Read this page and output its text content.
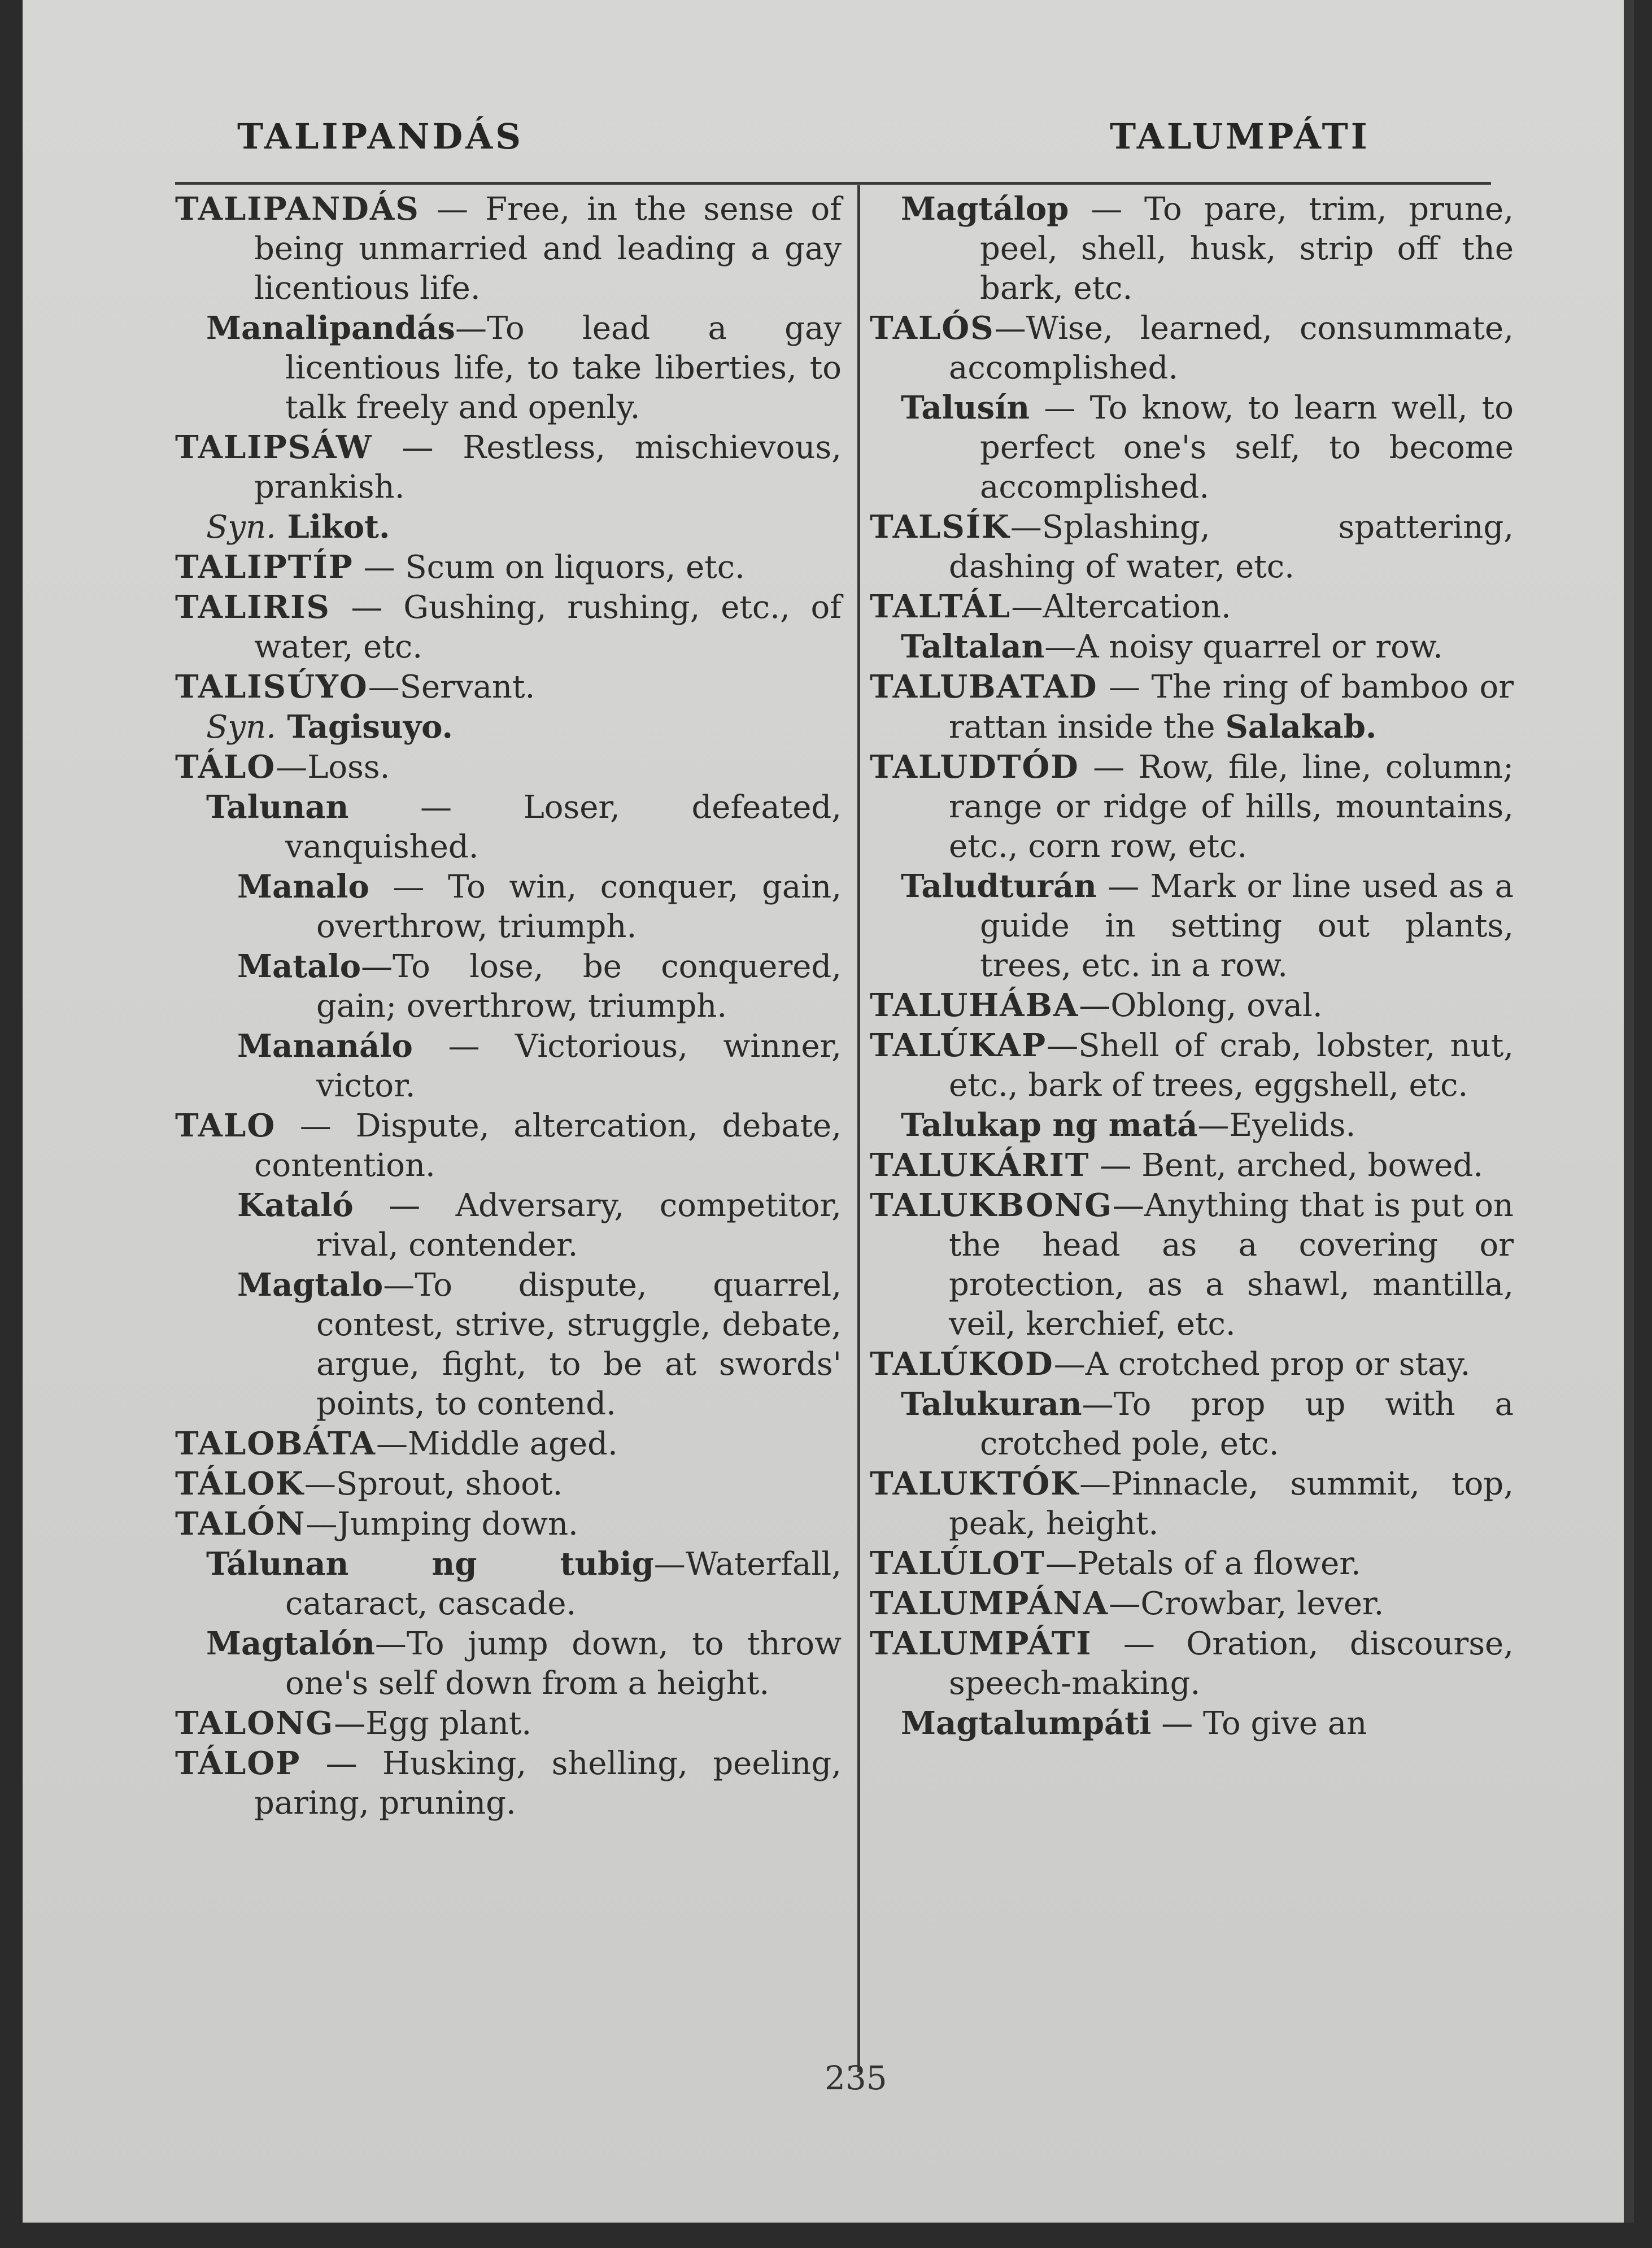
TALIPANDÁS	TALUMPÁTI
TALIPANDÁS — Free, in the sense of being unmarried and leading a gay licentious life.
Manalipandás—To lead a gay licentious life, to take liberties, to talk freely and openly.
TALIPSÁW — Restless, mischievous, prankish.
Syn. Likot.
TALIPTÍP — Scum on liquors, etc.
TALIRIS — Gushing, rushing, etc., of water, etc.
TALISÚYO—Servant.
Syn. Tagisuyo.
TÁLO—Loss.
Talunan — Loser, defeated, vanquished.
Manalo — To win, conquer, gain, overthrow, triumph.
Matalo—To lose, be conquered, gain; overthrow, triumph.
Mananálo — Victorious, winner, victor.
TALO — Dispute, altercation, debate, contention.
Kataló — Adversary, competitor, rival, contender.
Magtalo—To dispute, quarrel, contest, strive, struggle, debate, argue, fight, to be at swords' points, to contend.
TALOBÁTA—Middle aged.
TÁLOK—Sprout, shoot.
TALÓN—Jumping down.
Tálunan ng tubig—Waterfall, cataract, cascade.
Magtalón—To jump down, to throw one's self down from a height.
TALONG—Egg plant.
TÁLOP — Husking, shelling, peeling, paring, pruning.
Magtálop — To pare, trim, prune, peel, shell, husk, strip off the bark, etc.
TALÓS—Wise, learned, consummate, accomplished.
Talusín — To know, to learn well, to perfect one's self, to become accomplished.
TALSÍK—Splashing, spattering, dashing of water, etc.
TALTÁL—Altercation.
Taltalan—A noisy quarrel or row.
TALUBATAD — The ring of bamboo or rattan inside the Salakab.
TALUDTÓD — Row, file, line, column; range or ridge of hills, mountains, etc., corn row, etc.
Taludturán — Mark or line used as a guide in setting out plants, trees, etc. in a row.
TALUHÁBA—Oblong, oval.
TALÚKAP—Shell of crab, lobster, nut, etc., bark of trees, eggshell, etc.
Talukap ng matá—Eyelids.
TALUKÁRIT — Bent, arched, bowed.
TALUKBONG—Anything that is put on the head as a covering or protection, as a shawl, mantilla, veil, kerchief, etc.
TALÚKOD—A crotched prop or stay.
Talukuran—To prop up with a crotched pole, etc.
TALUKTÓK—Pinnacle, summit, top, peak, height.
TALÚLOT—Petals of a flower.
TALUMPÁNA—Crowbar, lever.
TALUMPÁTI — Oration, discourse, speech-making.
Magtalumpáti — To give an
235
